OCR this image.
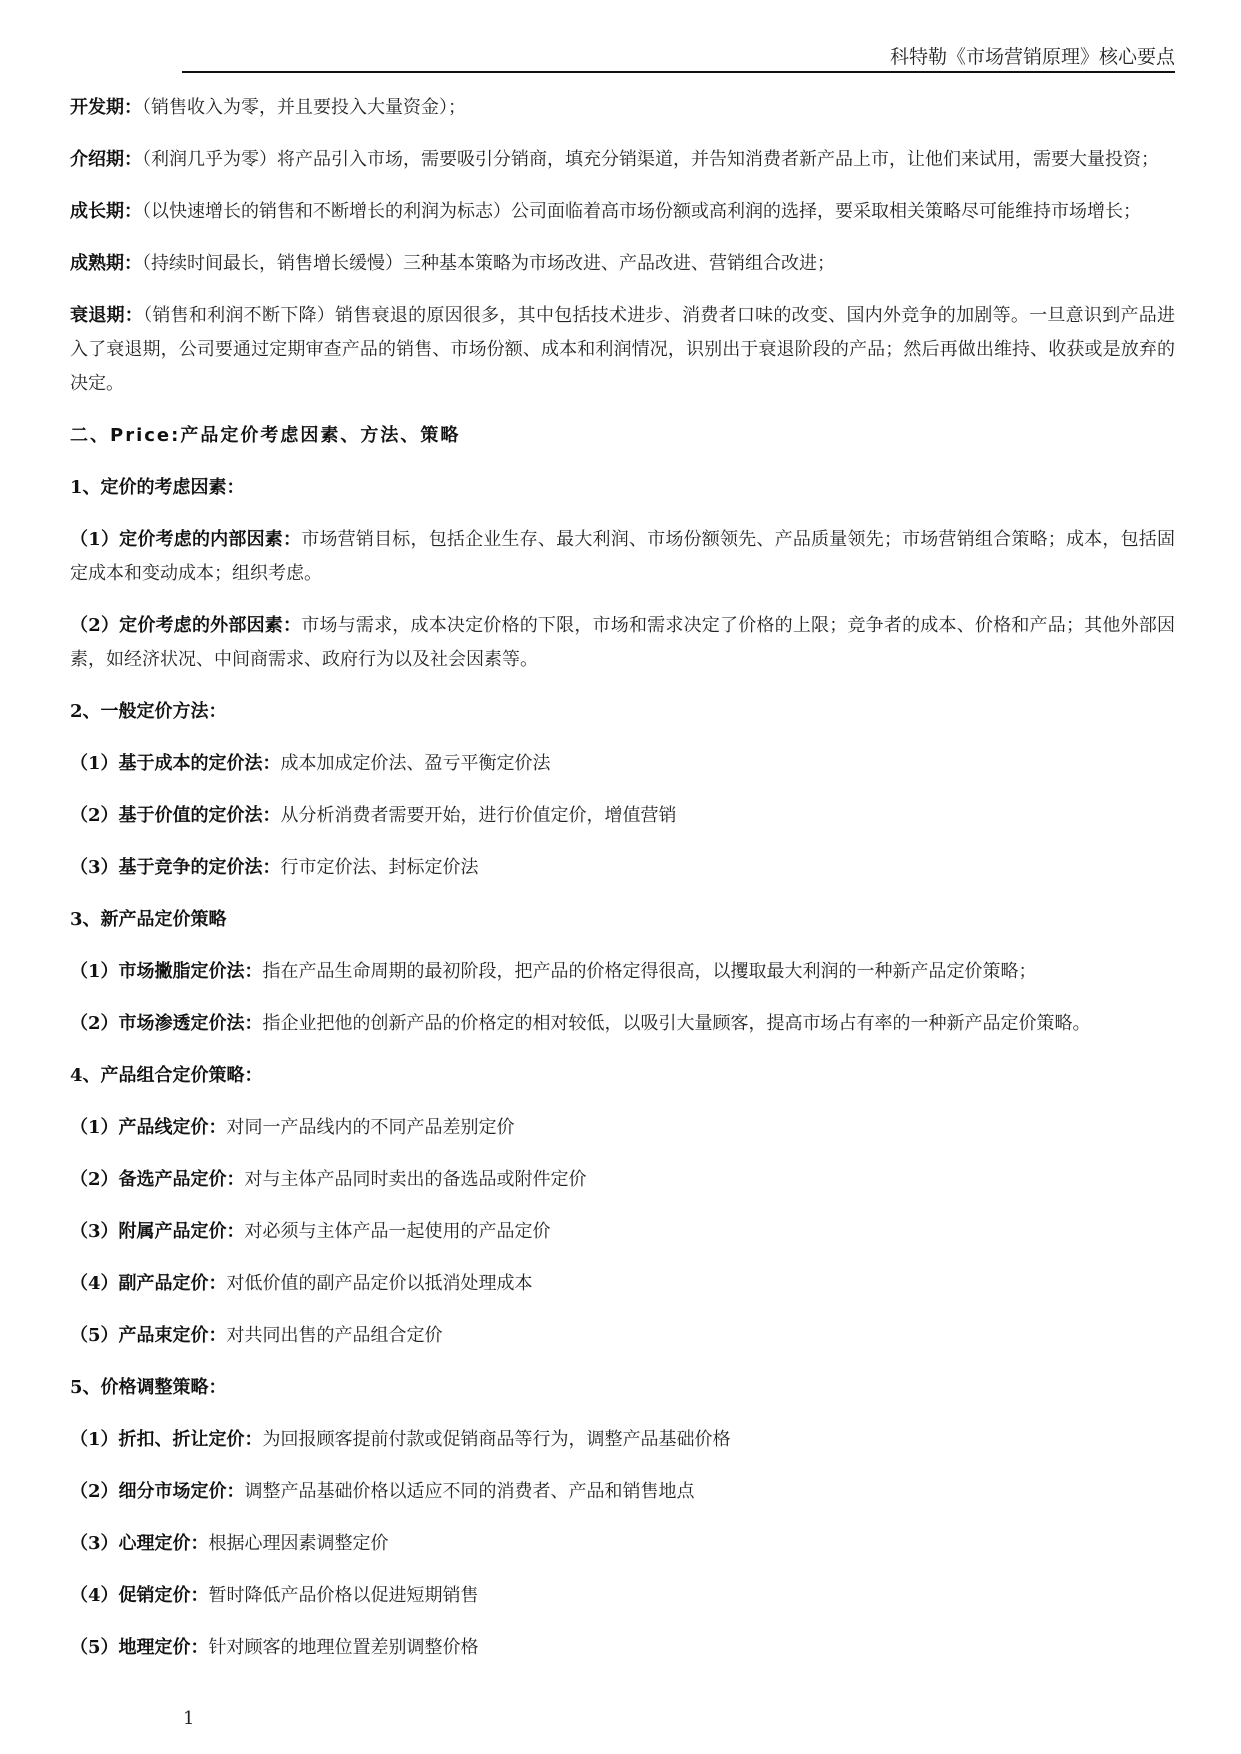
科特勒《市场营销原理》核心要点

开发期：（销售收入为零，并且要投入大量资金）；

介绍期：（利润几乎为零）将产品引入市场，需要吸引分销商，填充分销渠道，并告知消费者新产品上市，让他们来试用，需要大量投资；

成长期：（以快速增长的销售和不断增长的利润为标志）公司面临着高市场份额或高利润的选择，要采取相关策略尽可能维持市场增长；

成熟期：（持续时间最长，销售增长缓慢）三种基本策略为市场改进、产品改进、营销组合改进；

衰退期：（销售和利润不断下降）销售衰退的原因很多，其中包括技术进步、消费者口味的改变、国内外竞争的加剧等。一旦意识到产品进入了衰退期，公司要通过定期审查产品的销售、市场份额、成本和利润情况，识别出于衰退阶段的产品；然后再做出维持、收获或是放弃的决定。

二、Price:产品定价考虑因素、方法、策略
1、定价的考虑因素：

（1）定价考虑的内部因素：市场营销目标，包括企业生存、最大利润、市场份额领先、产品质量领先；市场营销组合策略；成本，包括固定成本和变动成本；组织考虑。

（2）定价考虑的外部因素：市场与需求，成本决定价格的下限，市场和需求决定了价格的上限；竞争者的成本、价格和产品；其他外部因素，如经济状况、中间商需求、政府行为以及社会因素等。

2、一般定价方法：

（1）基于成本的定价法：成本加成定价法、盈亏平衡定价法

（2）基于价值的定价法：从分析消费者需要开始，进行价值定价，增值营销

（3）基于竞争的定价法：行市定价法、封标定价法

3、新产品定价策略

（1）市场撇脂定价法：指在产品生命周期的最初阶段，把产品的价格定得很高，以攫取最大利润的一种新产品定价策略；

（2）市场渗透定价法：指企业把他的创新产品的价格定的相对较低，以吸引大量顾客，提高市场占有率的一种新产品定价策略。

4、产品组合定价策略：

（1）产品线定价：对同一产品线内的不同产品差别定价

（2）备选产品定价：对与主体产品同时卖出的备选品或附件定价

（3）附属产品定价：对必须与主体产品一起使用的产品定价

（4）副产品定价：对低价值的副产品定价以抵消处理成本

（5）产品束定价：对共同出售的产品组合定价

5、价格调整策略：

（1）折扣、折让定价：为回报顾客提前付款或促销商品等行为，调整产品基础价格

（2）细分市场定价：调整产品基础价格以适应不同的消费者、产品和销售地点

（3）心理定价：根据心理因素调整定价

（4）促销定价：暂时降低产品价格以促进短期销售

（5）地理定价：针对顾客的地理位置差别调整价格

1
